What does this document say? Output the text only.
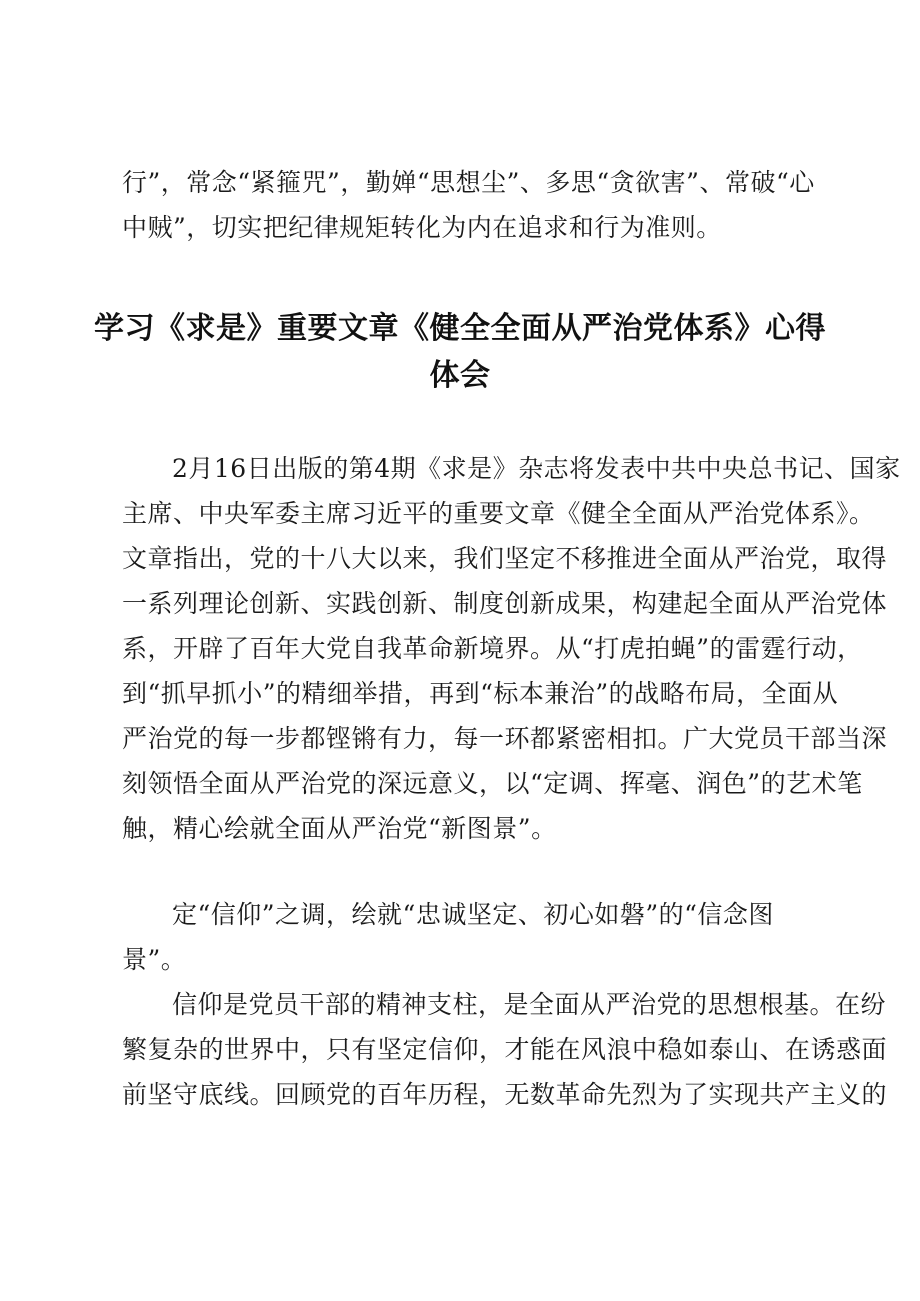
行”，常念“紧箍咒”，勤婵“思想尘”、多思“贪欲害”、常破“心
中贼”，切实把纪律规矩转化为内在追求和行为准则。
学习《求是》重要文章《健全全面从严治党体系》心得
体会
2月16日出版的第4期《求是》杂志将发表中共中央总书记、国家
主席、中央军委主席习近平的重要文章《健全全面从严治党体系》。
文章指出，党的十八大以来，我们坚定不移推进全面从严治党，取得
一系列理论创新、实践创新、制度创新成果，构建起全面从严治党体
系，开辟了百年大党自我革命新境界。从“打虎拍蝇”的雷霆行动，
到“抓早抓小”的精细举措，再到“标本兼治”的战略布局，全面从
严治党的每一步都铿锵有力，每一环都紧密相扣。广大党员干部当深
刻领悟全面从严治党的深远意义，以“定调、挥毫、润色”的艺术笔
触，精心绘就全面从严治党“新图景”。
定“信仰”之调，绘就“忠诚坚定、初心如磐”的“信念图
景”。
信仰是党员干部的精神支柱，是全面从严治党的思想根基。在纷
繁复杂的世界中，只有坚定信仰，才能在风浪中稳如泰山、在诱惑面
前坚守底线。回顾党的百年历程，无数革命先烈为了实现共产主义的
